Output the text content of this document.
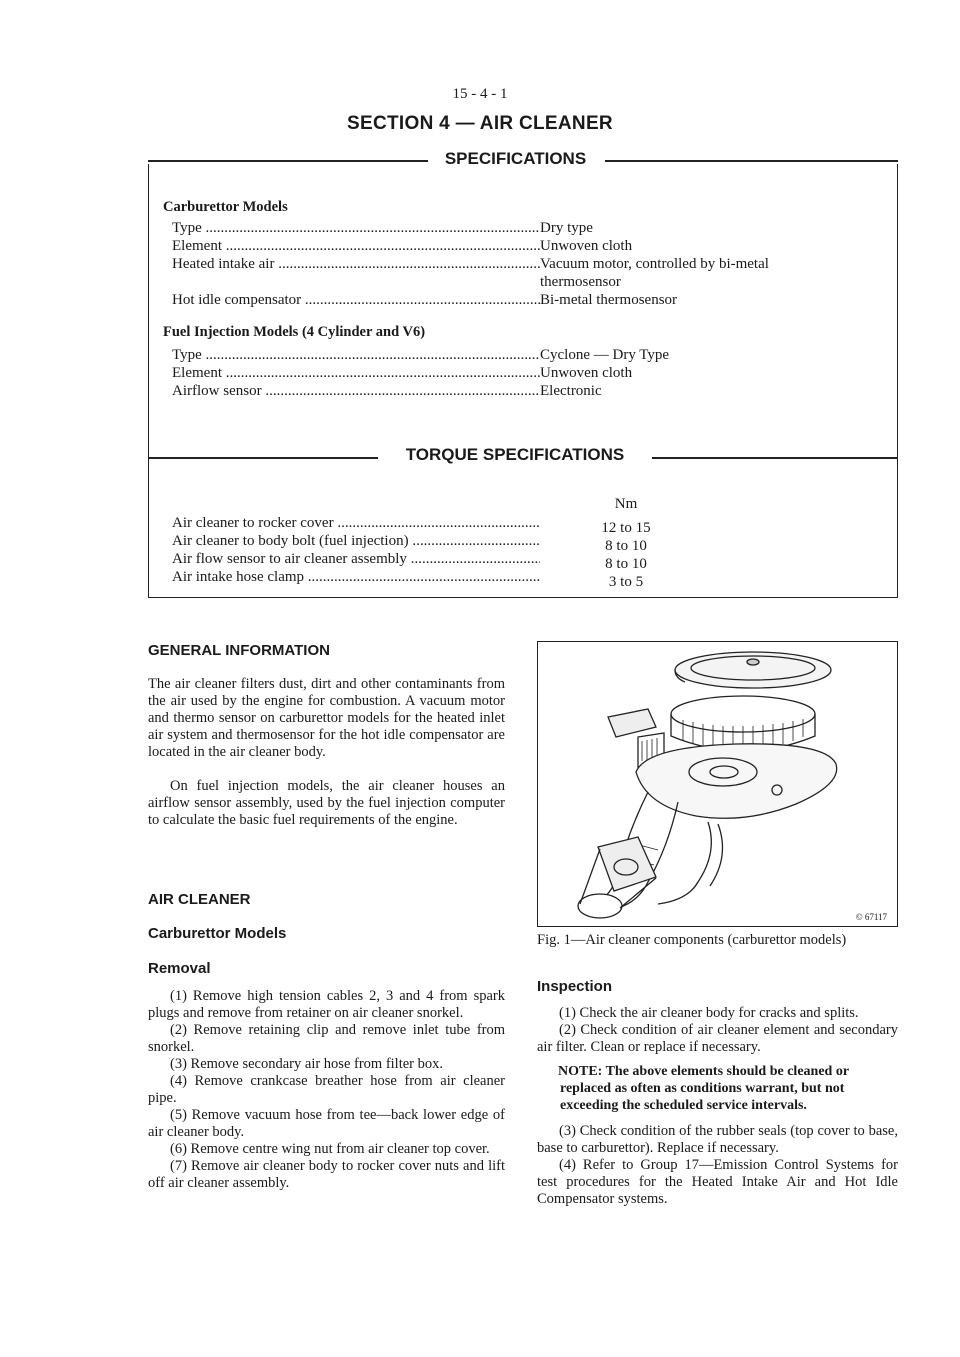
15 - 4 - 1
SECTION 4 — AIR CLEANER
SPECIFICATIONS
Carburettor Models
Type .....	Dry type
Element .....	Unwoven cloth
Heated intake air .....	Vacuum motor, controlled by bi-metal thermosensor
Hot idle compensator .....	Bi-metal thermosensor
Fuel Injection Models (4 Cylinder and V6)
Type .....	Cyclone — Dry Type
Element .....	Unwoven cloth
Airflow sensor .....	Electronic
TORQUE SPECIFICATIONS
Nm
Air cleaner to rocker cover .....	12 to 15
Air cleaner to body bolt (fuel injection) .....	8 to 10
Air flow sensor to air cleaner assembly .....	8 to 10
Air intake hose clamp .....	3 to 5
GENERAL INFORMATION
The air cleaner filters dust, dirt and other contaminants from the air used by the engine for combustion. A vacuum motor and thermo sensor on carburettor models for the heated inlet air system and thermosensor for the hot idle compensator are located in the air cleaner body.
On fuel injection models, the air cleaner houses an airflow sensor assembly, used by the fuel injection computer to calculate the basic fuel requirements of the engine.
AIR CLEANER
Carburettor Models
Removal

(1) Remove high tension cables 2, 3 and 4 from spark plugs and remove from retainer on air cleaner snorkel.

(2) Remove retaining clip and remove inlet tube from snorkel.

(3) Remove secondary air hose from filter box.

(4) Remove crankcase breather hose from air cleaner pipe.

(5) Remove vacuum hose from tee—back lower edge of air cleaner body.

(6) Remove centre wing nut from air cleaner top cover.

(7) Remove air cleaner body to rocker cover nuts and lift off air cleaner assembly.

© 67117
Fig. 1—Air cleaner components (carburettor models)
Inspection

(1) Check the air cleaner body for cracks and splits.

(2) Check condition of air cleaner element and secondary air filter. Clean or replace if necessary.

NOTE: The above elements should be cleaned or replaced as often as conditions warrant, but not exceeding the scheduled service intervals.

(3) Check condition of the rubber seals (top cover to base, base to carburettor). Replace if necessary.

(4) Refer to Group 17—Emission Control Systems for test procedures for the Heated Intake Air and Hot Idle Compensator systems.
